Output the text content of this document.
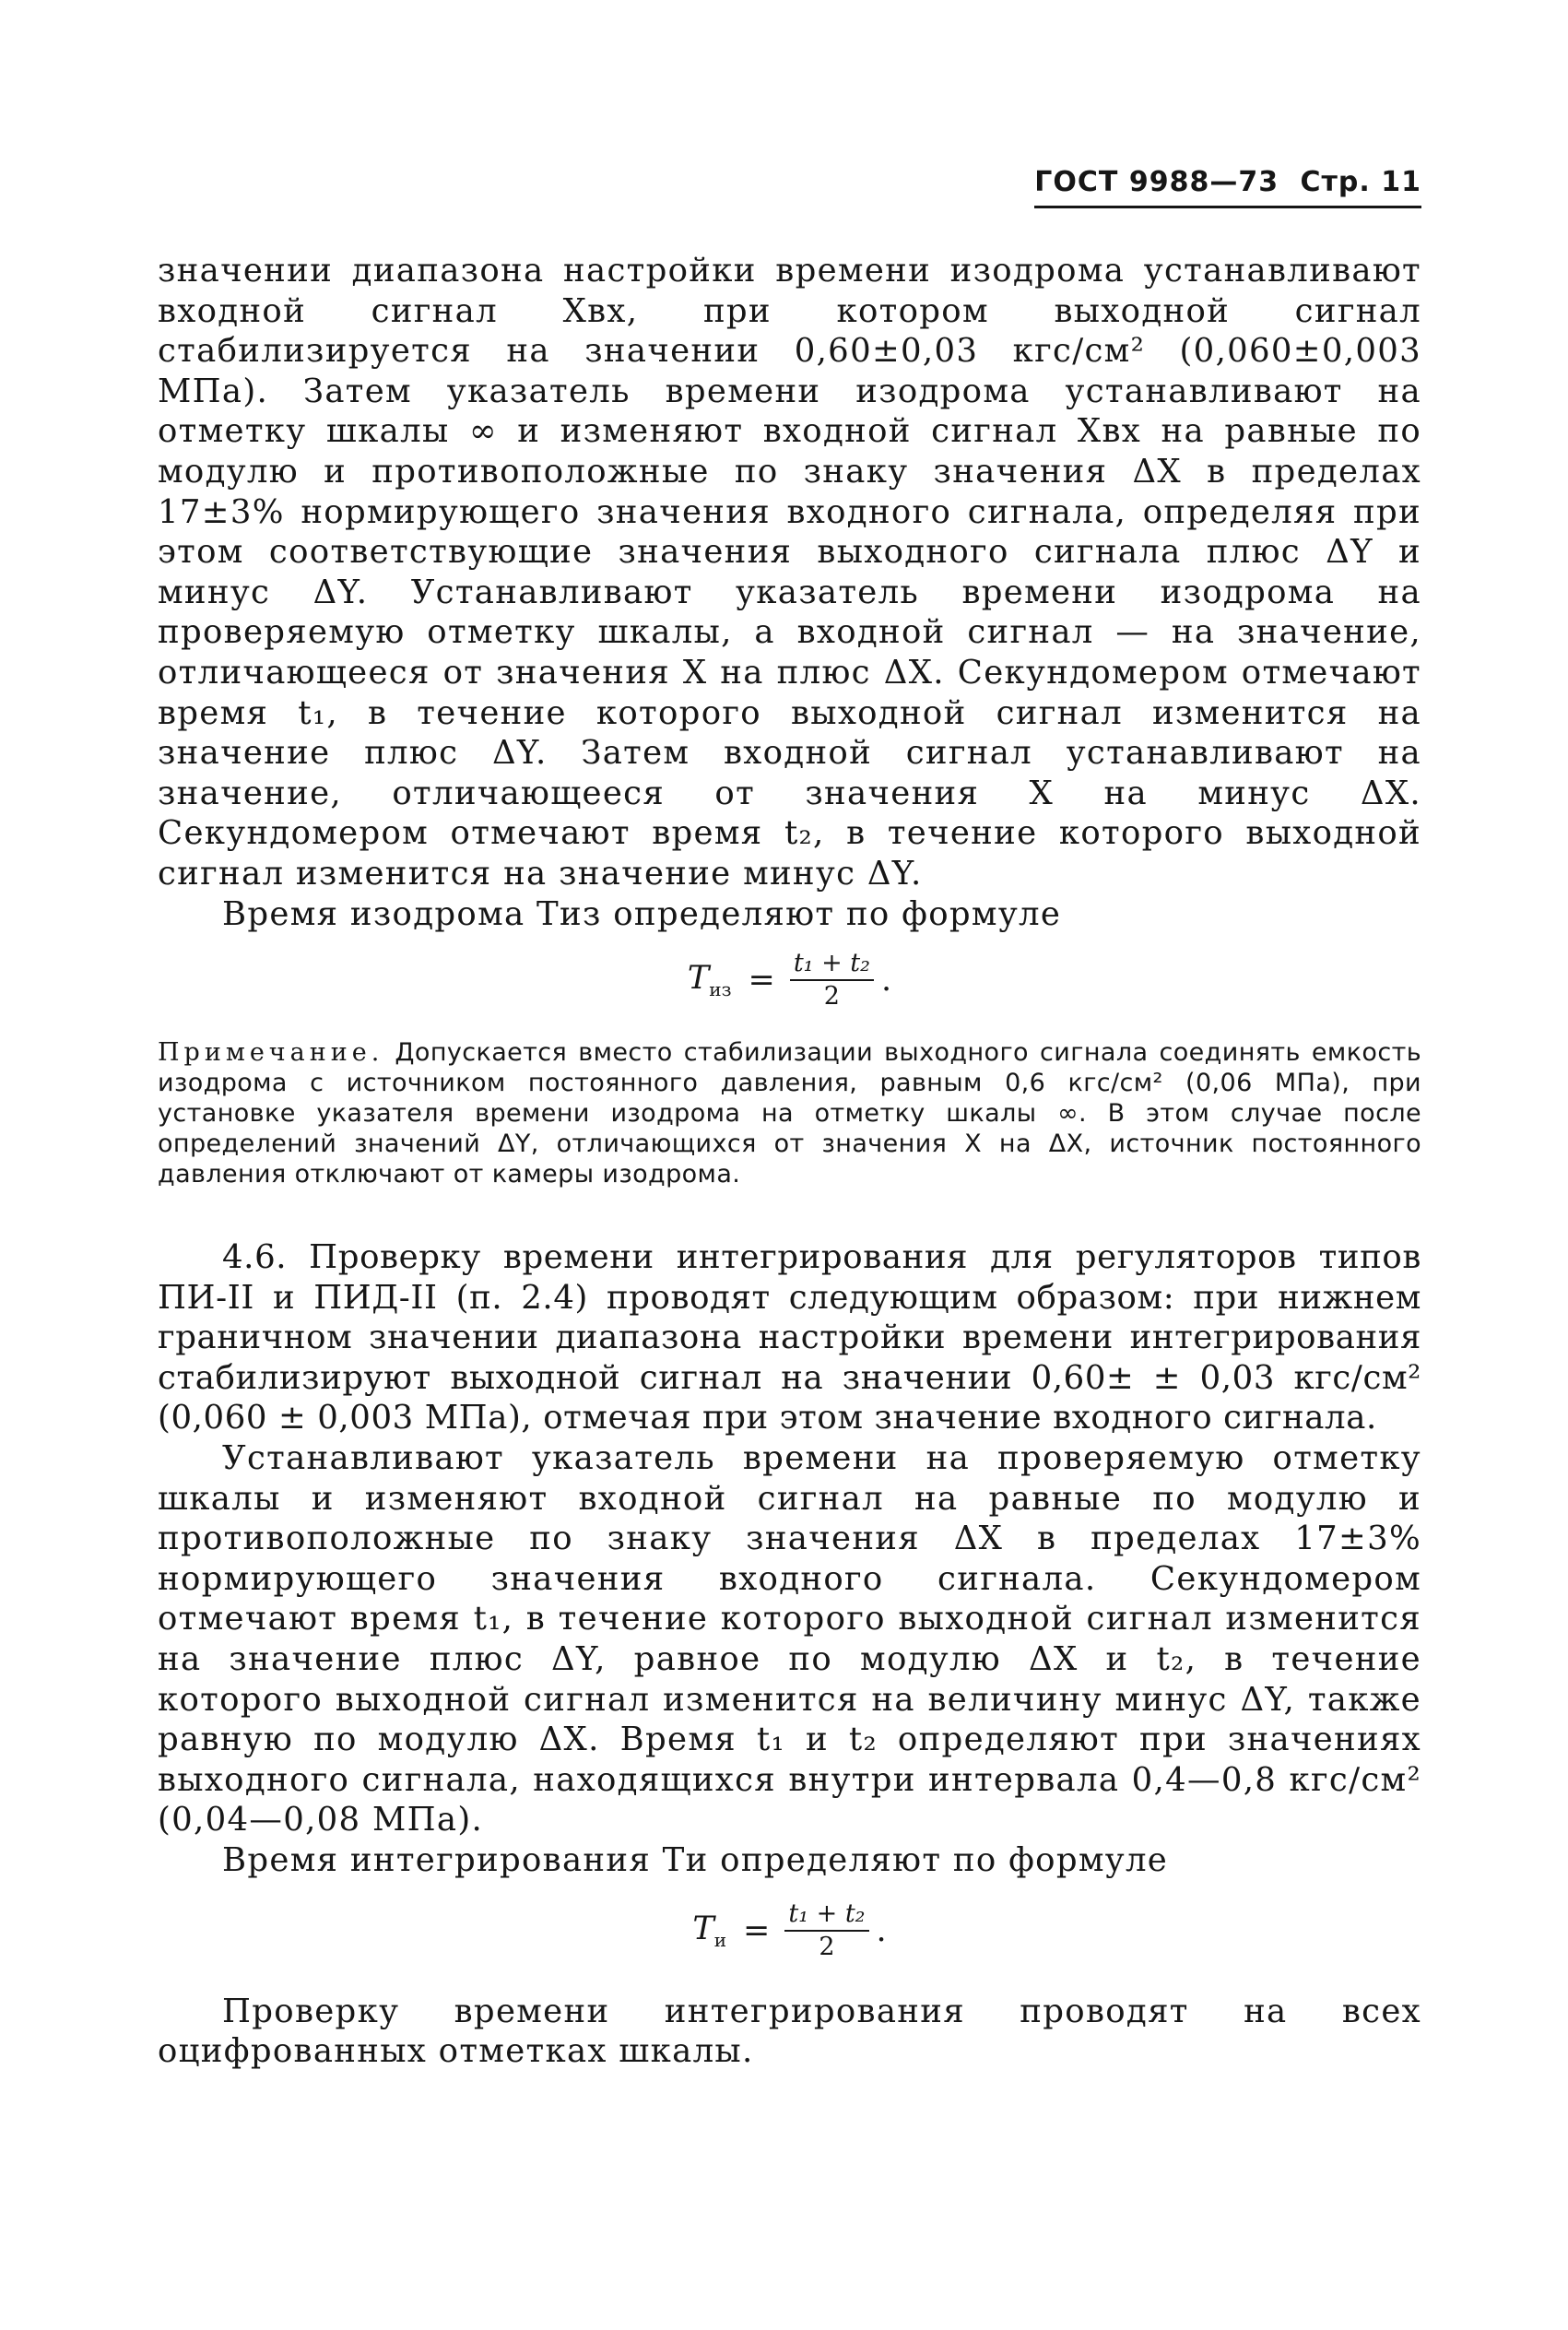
ГОСТ 9988—73 Стр. 11

значении диапазона настройки времени изодрома устанавливают входной сигнал Xвх, при котором выходной сигнал стабилизируется на значении 0,60±0,03 кгс/см² (0,060±0,003 МПа). Затем указатель времени изодрома устанавливают на отметку шкалы ∞ и изменяют входной сигнал Xвх на равные по модулю и противоположные по знаку значения ΔX в пределах 17±3% нормирующего значения входного сигнала, определяя при этом соответствующие значения выходного сигнала плюс ΔY и минус ΔY. Устанавливают указатель времени изодрома на проверяемую отметку шкалы, а входной сигнал — на значение, отличающееся от значения X на плюс ΔX. Секундомером отмечают время t₁, в течение которого выходной сигнал изменится на значение плюс ΔY. Затем входной сигнал устанавливают на значение, отличающееся от значения X на минус ΔX. Секундомером отмечают время t₂, в течение которого выходной сигнал изменится на значение минус ΔY.

Время изодрома Tиз определяют по формуле

$T_{из} = \frac{\text{t₁ + t₂}}{2}$ .
Примечание. Допускается вместо стабилизации выходного сигнала соединять емкость изодрома с источником постоянного давления, равным 0,6 кгс/см² (0,06 МПа), при установке указателя времени изодрома на отметку шкалы ∞. В этом случае после определений значений ΔY, отличающихся от значения X на ΔX, источник постоянного давления отключают от камеры изодрома.

4.6. Проверку времени интегрирования для регуляторов типов ПИ-II и ПИД-II (п. 2.4) проводят следующим образом: при нижнем граничном значении диапазона настройки времени интегрирования стабилизируют выходной сигнал на значении 0,60± ± 0,03 кгс/см² (0,060 ± 0,003 МПа), отмечая при этом значение входного сигнала.

Устанавливают указатель времени на проверяемую отметку шкалы и изменяют входной сигнал на равные по модулю и противоположные по знаку значения ΔX в пределах 17±3% нормирующего значения входного сигнала. Секундомером отмечают время t₁, в течение которого выходной сигнал изменится на значение плюс ΔY, равное по модулю ΔX и t₂, в течение которого выходной сигнал изменится на величину минус ΔY, также равную по модулю ΔX. Время t₁ и t₂ определяют при значениях выходного сигнала, находящихся внутри интервала 0,4—0,8 кгс/см² (0,04—0,08 МПа).

Время интегрирования Tи определяют по формуле

$T_и = \frac{\text{t₁ + t₂}}{2}$ .

Проверку времени интегрирования проводят на всех оцифрованных отметках шкалы.
